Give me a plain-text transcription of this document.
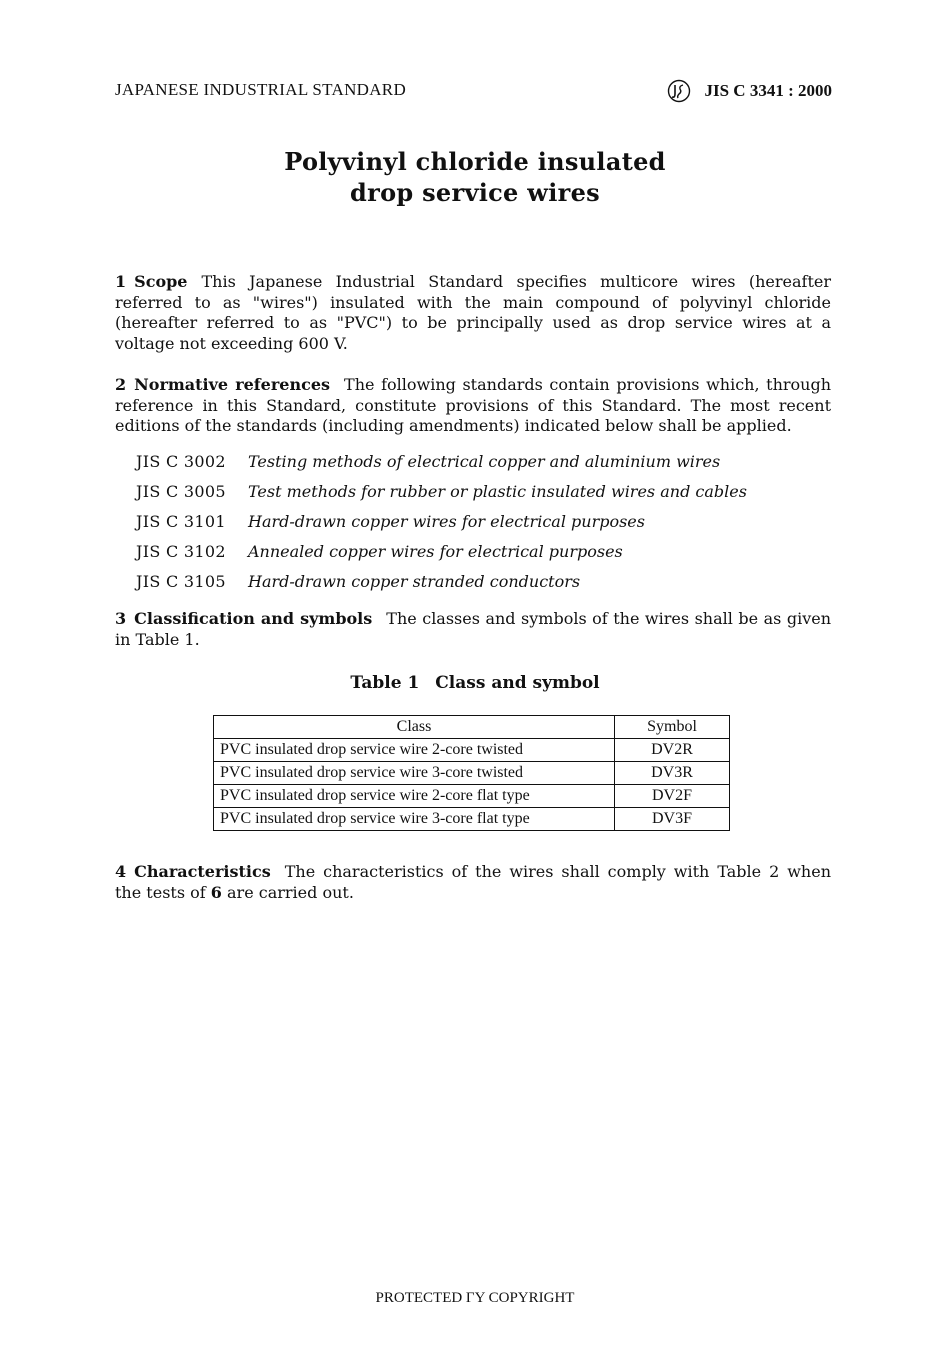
JAPANESE INDUSTRIAL STANDARD	JIS C 3341 : 2000
Polyvinyl chloride insulated
drop service wires
1 Scope This Japanese Industrial Standard specifies multicore wires (hereafter referred to as "wires") insulated with the main compound of polyvinyl chloride (hereafter referred to as "PVC") to be principally used as drop service wires at a voltage not exceeding 600 V.
2 Normative references The following standards contain provisions which, through reference in this Standard, constitute provisions of this Standard. The most recent editions of the standards (including amendments) indicated below shall be applied.
JIS C 3002	Testing methods of electrical copper and aluminium wires
JIS C 3005	Test methods for rubber or plastic insulated wires and cables
JIS C 3101	Hard-drawn copper wires for electrical purposes
JIS C 3102	Annealed copper wires for electrical purposes
JIS C 3105	Hard-drawn copper stranded conductors
3 Classification and symbols The classes and symbols of the wires shall be as given in Table 1.
Table 1 Class and symbol
Class	Symbol
PVC insulated drop service wire 2-core twisted	DV2R
PVC insulated drop service wire 3-core twisted	DV3R
PVC insulated drop service wire 2-core flat type	DV2F
PVC insulated drop service wire 3-core flat type	DV3F
4 Characteristics The characteristics of the wires shall comply with Table 2 when the tests of 6 are carried out.
PROTECTED ΓY COPYRIGHT
